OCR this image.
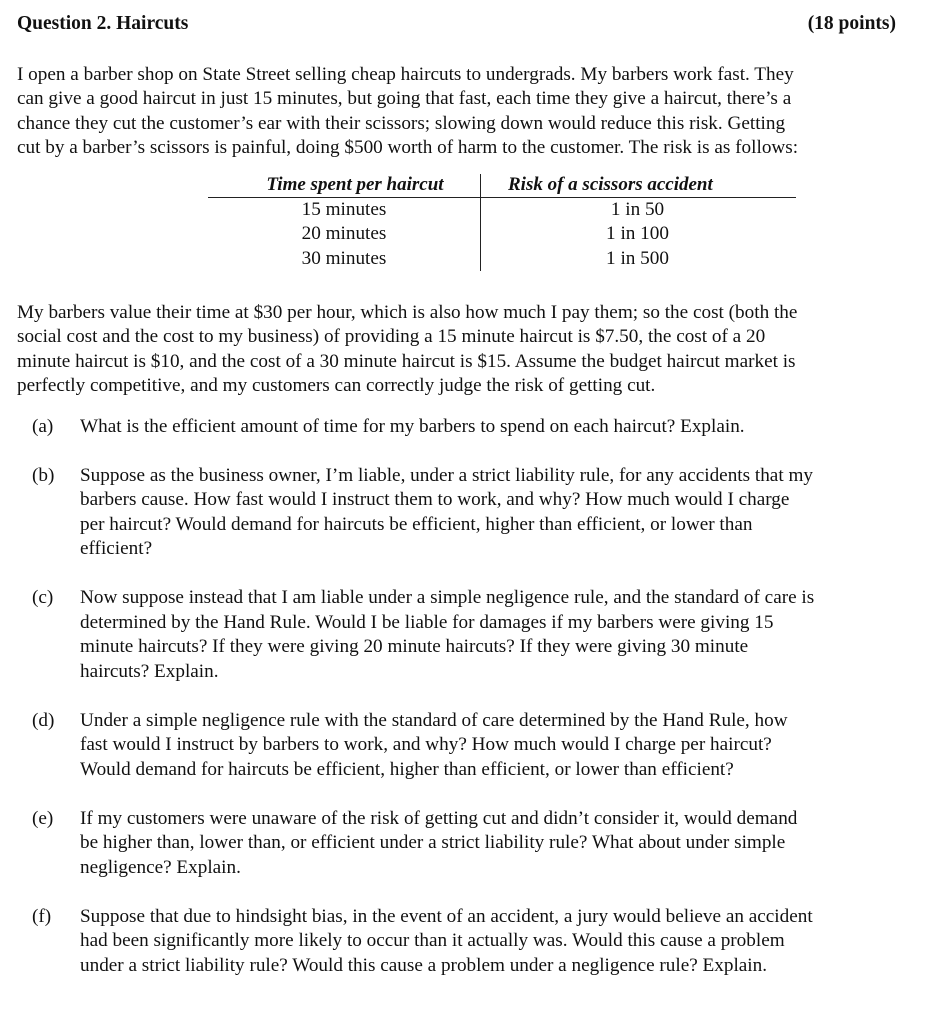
Question 2. Haircuts	(18 points)

I open a barber shop on State Street selling cheap haircuts to undergrads. My barbers work fast. They

can give a good haircut in just 15 minutes, but going that fast, each time they give a haircut, there’s a

chance they cut the customer’s ear with their scissors; slowing down would reduce this risk. Getting

cut by a barber’s scissors is painful, doing $500 worth of harm to the customer. The risk is as follows:

Time spent per haircut	Risk of a scissors accident
15 minutes	1 in 50
20 minutes	1 in 100
30 minutes	1 in 500

My barbers value their time at $30 per hour, which is also how much I pay them; so the cost (both the

social cost and the cost to my business) of providing a 15 minute haircut is $7.50, the cost of a 20

minute haircut is $10, and the cost of a 30 minute haircut is $15. Assume the budget haircut market is

perfectly competitive, and my customers can correctly judge the risk of getting cut.

(a)	What is the efficient amount of time for my barbers to spend on each haircut? Explain.
(b)	Suppose as the business owner, I’m liable, under a strict liability rule, for any accidents that my
barbers cause. How fast would I instruct them to work, and why? How much would I charge
per haircut? Would demand for haircuts be efficient, higher than efficient, or lower than
efficient?
(c)	Now suppose instead that I am liable under a simple negligence rule, and the standard of care is
determined by the Hand Rule. Would I be liable for damages if my barbers were giving 15
minute haircuts? If they were giving 20 minute haircuts? If they were giving 30 minute
haircuts? Explain.
(d)	Under a simple negligence rule with the standard of care determined by the Hand Rule, how
fast would I instruct by barbers to work, and why? How much would I charge per haircut?
Would demand for haircuts be efficient, higher than efficient, or lower than efficient?
(e)	If my customers were unaware of the risk of getting cut and didn’t consider it, would demand
be higher than, lower than, or efficient under a strict liability rule? What about under simple
negligence? Explain.
(f)	Suppose that due to hindsight bias, in the event of an accident, a jury would believe an accident
had been significantly more likely to occur than it actually was. Would this cause a problem
under a strict liability rule? Would this cause a problem under a negligence rule? Explain.
